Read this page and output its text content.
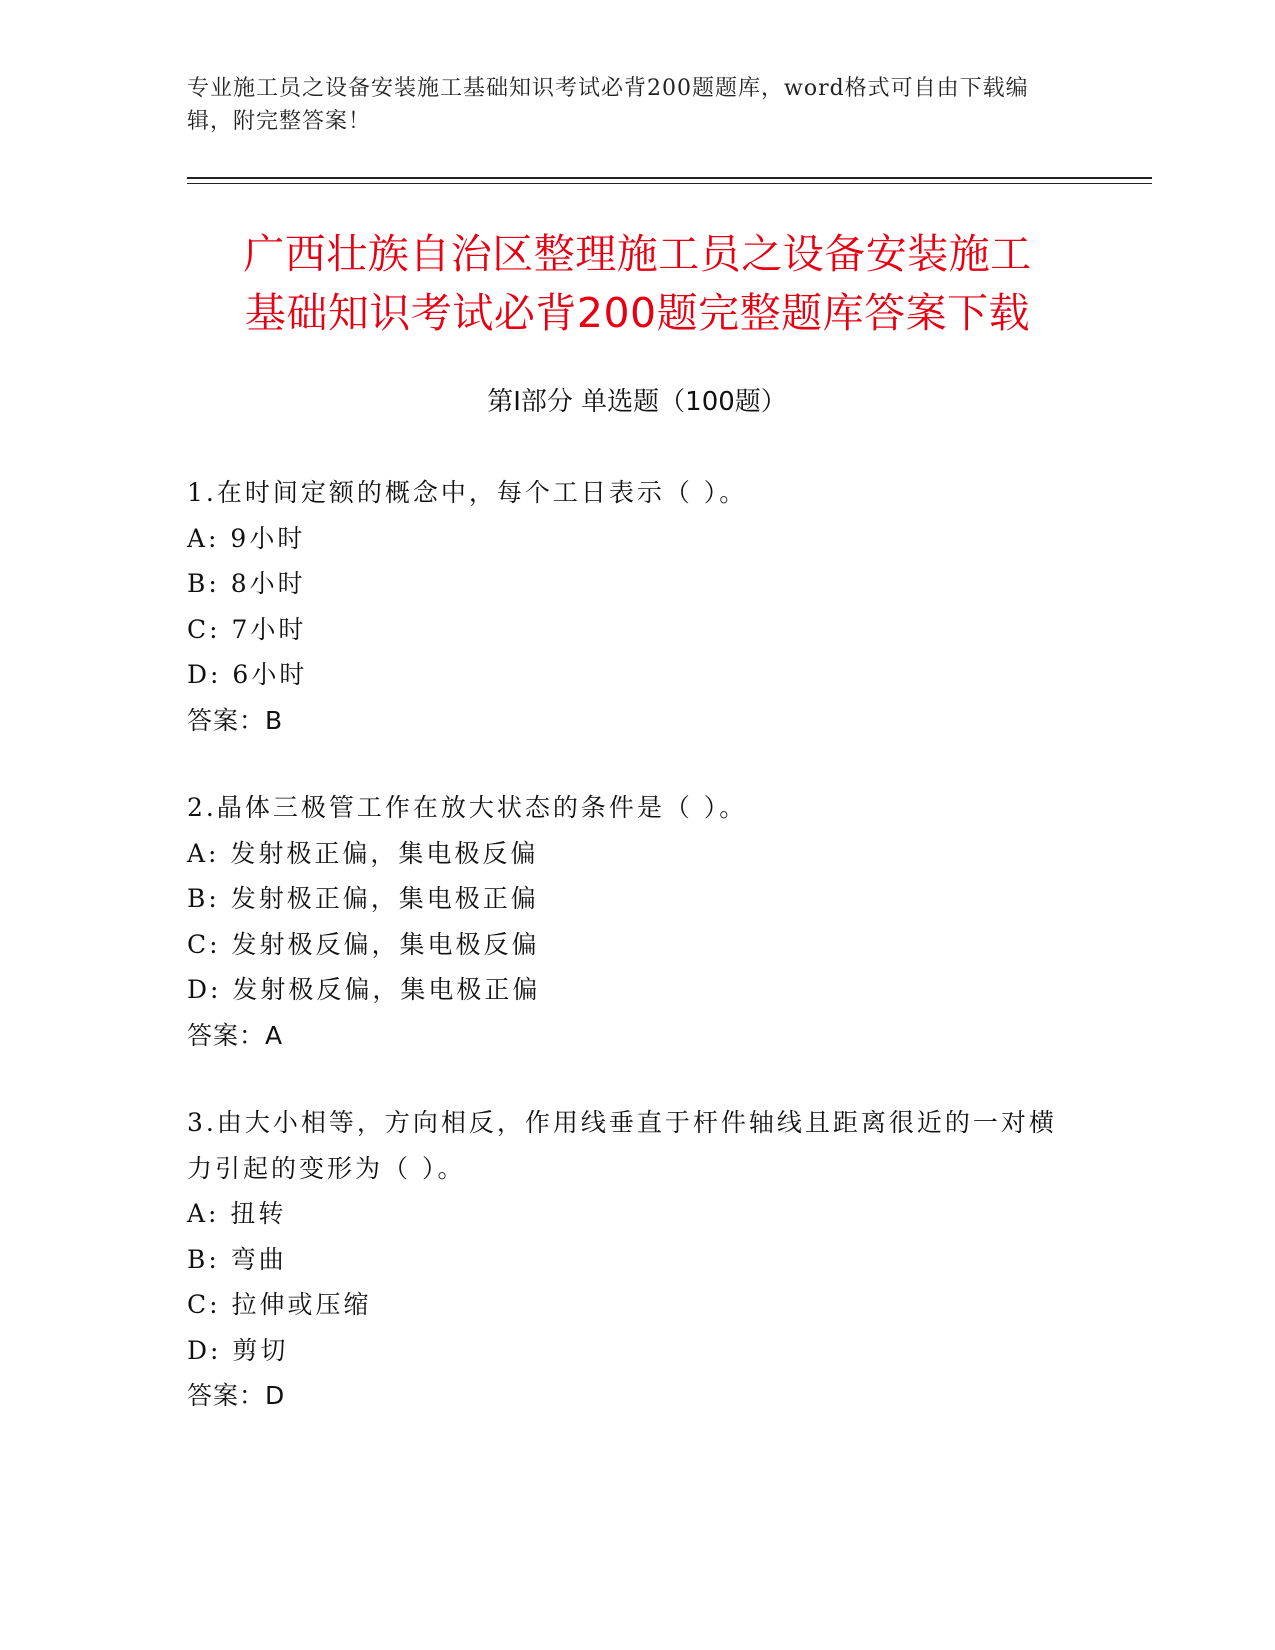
专业施工员之设备安装施工基础知识考试必背200题题库，word格式可自由下载编辑，附完整答案！
广西壮族自治区整理施工员之设备安装施工
基础知识考试必背200题完整题库答案下载
第Ⅰ部分 单选题（100题）
1.在时间定额的概念中，每个工日表示（ ）。
A: 9小时
B: 8小时
C: 7小时
D: 6小时
答案：B
2.晶体三极管工作在放大状态的条件是（ ）。
A: 发射极正偏，集电极反偏
B: 发射极正偏，集电极正偏
C: 发射极反偏，集电极反偏
D: 发射极反偏，集电极正偏
答案：A
3.由大小相等，方向相反，作用线垂直于杆件轴线且距离很近的一对横力引起的变形为（ ）。
A: 扭转
B: 弯曲
C: 拉伸或压缩
D: 剪切
答案：D
